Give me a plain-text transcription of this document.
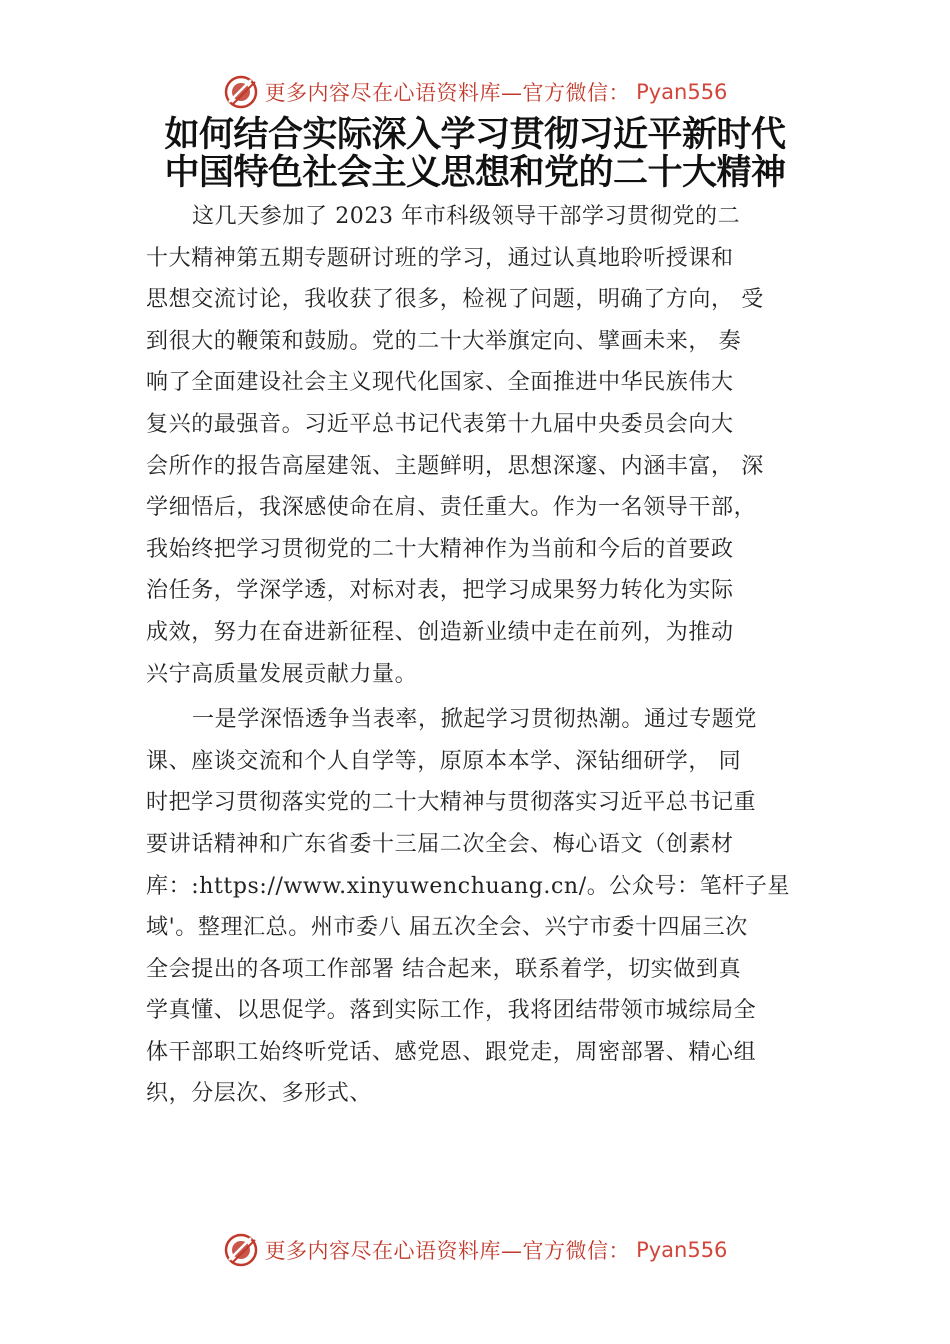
更多内容尽在心语资料库—官方微信： Pyan556
如何结合实际深入学习贯彻习近平新时代
中国特色社会主义思想和党的二十大精神
这几天参加了 2023 年市科级领导干部学习贯彻党的二
十大精神第五期专题研讨班的学习，通过认真地聆听授课和
思想交流讨论，我收获了很多，检视了问题，明确了方向， 受
到很大的鞭策和鼓励。党的二十大举旗定向、擘画未来， 奏
响了全面建设社会主义现代化国家、全面推进中华民族伟大
复兴的最强音。习近平总书记代表第十九届中央委员会向大
会所作的报告高屋建瓴、主题鲜明，思想深邃、内涵丰富， 深
学细悟后，我深感使命在肩、责任重大。作为一名领导干部，
我始终把学习贯彻党的二十大精神作为当前和今后的首要政
治任务，学深学透，对标对表，把学习成果努力转化为实际
成效，努力在奋进新征程、创造新业绩中走在前列，为推动
兴宁高质量发展贡献力量。
一是学深悟透争当表率，掀起学习贯彻热潮。通过专题党
课、座谈交流和个人自学等，原原本本学、深钻细研学， 同
时把学习贯彻落实党的二十大精神与贯彻落实习近平总书记重
要讲话精神和广东省委十三届二次全会、梅心语文（创素材
库：:https://www.xinyuwenchuang.cn/。公众号：笔杆子星
域'。整理汇总。州市委八 届五次全会、兴宁市委十四届三次
全会提出的各项工作部署 结合起来，联系着学，切实做到真
学真懂、以思促学。落到实际工作，我将团结带领市城综局全
体干部职工始终听党话、感党恩、跟党走，周密部署、精心组
织，分层次、多形式、
更多内容尽在心语资料库—官方微信： Pyan556
